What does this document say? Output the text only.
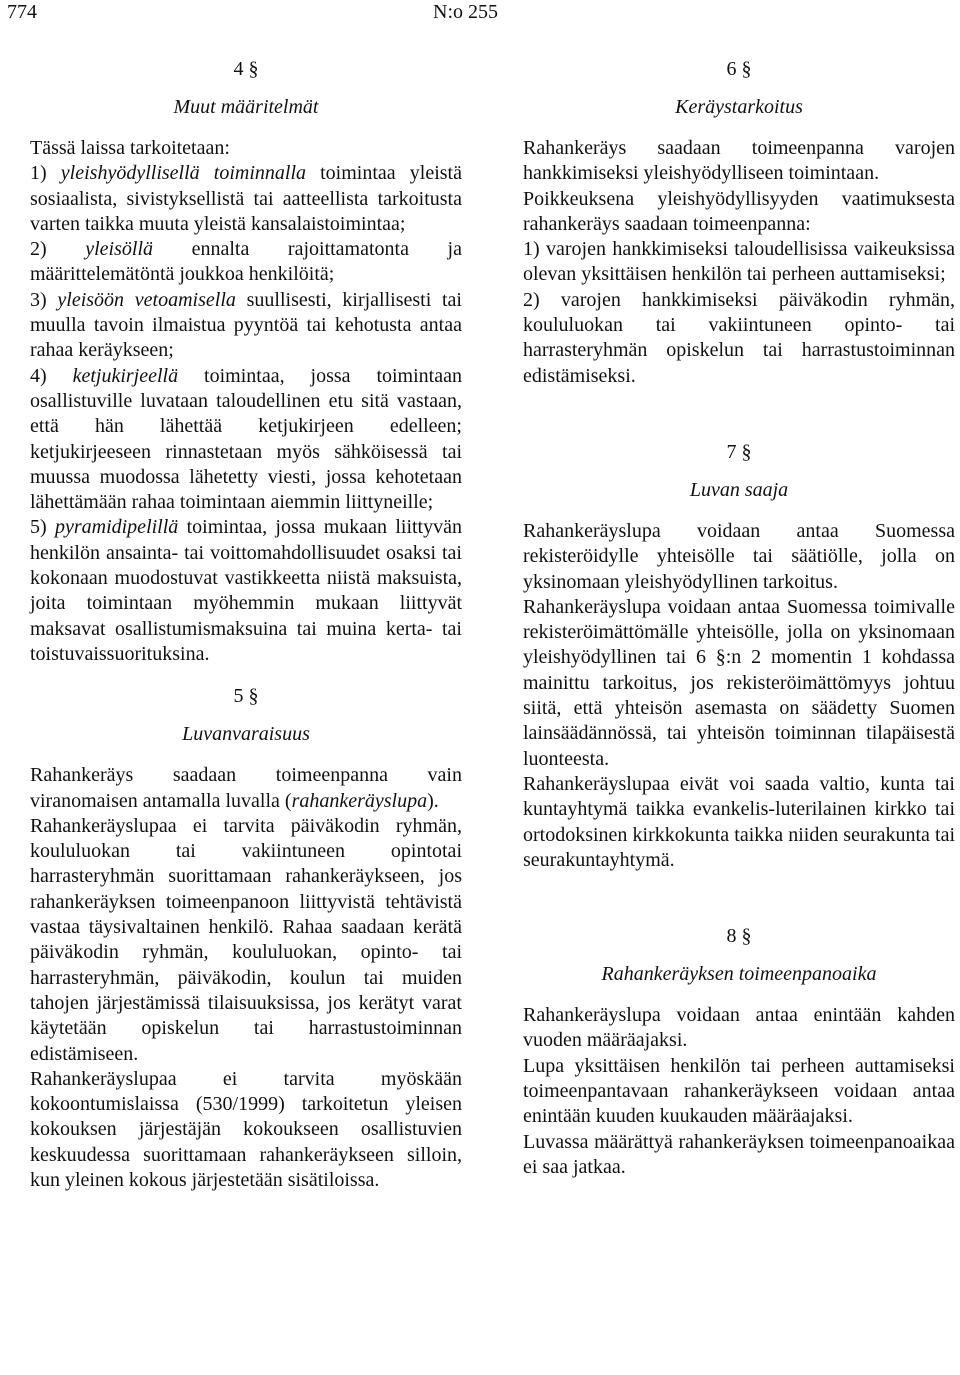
774	N:o 255

4 §

Muut määritelmät

Tässä laissa tarkoitetaan:

1) yleishyödyllisellä toiminnalla toimintaa yleistä sosiaalista, sivistyksellistä tai aatteellista tarkoitusta varten taikka muuta yleistä kansalaistoimintaa;

2) yleisöllä ennalta rajoittamatonta ja määrittelemätöntä joukkoa henkilöitä;

3) yleisöön vetoamisella suullisesti, kirjallisesti tai muulla tavoin ilmaistua pyyntöä tai kehotusta antaa rahaa keräykseen;

4) ketjukirjeellä toimintaa, jossa toimintaan osallistuville luvataan taloudellinen etu sitä vastaan, että hän lähettää ketjukirjeen edelleen; ketjukirjeeseen rinnastetaan myös sähköisessä tai muussa muodossa lähetetty viesti, jossa kehotetaan lähettämään rahaa toimintaan aiemmin liittyneille;

5) pyramidipelillä toimintaa, jossa mukaan liittyvän henkilön ansainta- tai voittomahdollisuudet osaksi tai kokonaan muodostuvat vastikkeetta niistä maksuista, joita toimintaan myöhemmin mukaan liittyvät maksavat osallistumismaksuina tai muina kerta- tai toistuvaissuorituksina.

5 §

Luvanvaraisuus

Rahankeräys saadaan toimeenpanna vain viranomaisen antamalla luvalla (rahankeräyslupa).

Rahankeräyslupaa ei tarvita päiväkodin ryhmän, koululuokan tai vakiintuneen opintotai harrasteryhmän suorittamaan rahankeräykseen, jos rahankeräyksen toimeenpanoon liittyvistä tehtävistä vastaa täysivaltainen henkilö. Rahaa saadaan kerätä päiväkodin ryhmän, koululuokan, opinto- tai harrasteryhmän, päiväkodin, koulun tai muiden tahojen järjestämissä tilaisuuksissa, jos kerätyt varat käytetään opiskelun tai harrastustoiminnan edistämiseen.

Rahankeräyslupaa ei tarvita myöskään kokoontumislaissa (530/1999) tarkoitetun yleisen kokouksen järjestäjän kokoukseen osallistuvien keskuudessa suorittamaan rahankeräykseen silloin, kun yleinen kokous järjestetään sisätiloissa.

6 §

Keräystarkoitus

Rahankeräys saadaan toimeenpanna varojen hankkimiseksi yleishyödylliseen toimintaan.

Poikkeuksena yleishyödyllisyyden vaatimuksesta rahankeräys saadaan toimeenpanna:

1) varojen hankkimiseksi taloudellisissa vaikeuksissa olevan yksittäisen henkilön tai perheen auttamiseksi;

2) varojen hankkimiseksi päiväkodin ryhmän, koululuokan tai vakiintuneen opinto- tai harrasteryhmän opiskelun tai harrastustoiminnan edistämiseksi.

7 §

Luvan saaja

Rahankeräyslupa voidaan antaa Suomessa rekisteröidylle yhteisölle tai säätiölle, jolla on yksinomaan yleishyödyllinen tarkoitus.

Rahankeräyslupa voidaan antaa Suomessa toimivalle rekisteröimättömälle yhteisölle, jolla on yksinomaan yleishyödyllinen tai 6 §:n 2 momentin 1 kohdassa mainittu tarkoitus, jos rekisteröimättömyys johtuu siitä, että yhteisön asemasta on säädetty Suomen lainsäädännössä, tai yhteisön toiminnan tilapäisestä luonteesta.

Rahankeräyslupaa eivät voi saada valtio, kunta tai kuntayhtymä taikka evankelis-luterilainen kirkko tai ortodoksinen kirkkokunta taikka niiden seurakunta tai seurakuntayhtymä.

8 §

Rahankeräyksen toimeenpanoaika

Rahankeräyslupa voidaan antaa enintään kahden vuoden määräajaksi.

Lupa yksittäisen henkilön tai perheen auttamiseksi toimeenpantavaan rahankeräykseen voidaan antaa enintään kuuden kuukauden määräajaksi.

Luvassa määrättyä rahankeräyksen toimeenpanoaikaa ei saa jatkaa.
